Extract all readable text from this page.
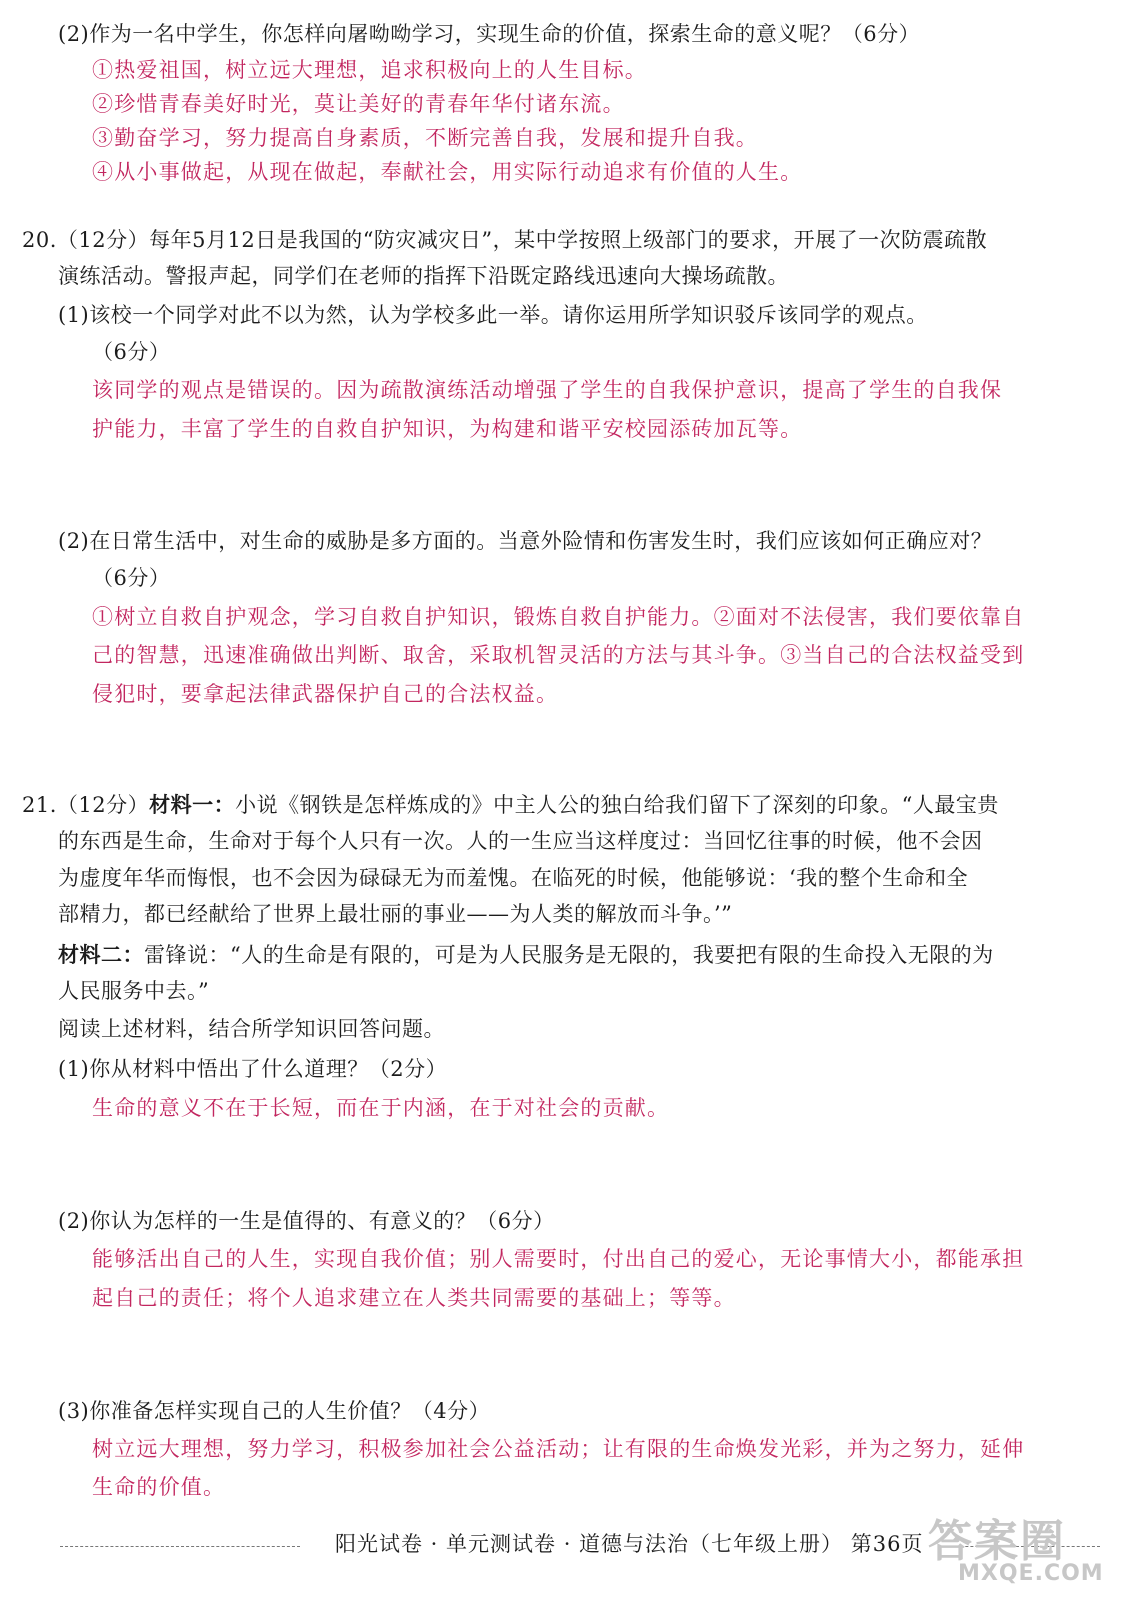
(2)作为一名中学生，你怎样向屠呦呦学习，实现生命的价值，探索生命的意义呢？（6分）
①热爱祖国，树立远大理想，追求积极向上的人生目标。
②珍惜青春美好时光，莫让美好的青春年华付诸东流。
③勤奋学习，努力提高自身素质，不断完善自我，发展和提升自我。
④从小事做起，从现在做起，奉献社会，用实际行动追求有价值的人生。
20.（12分）每年5月12日是我国的“防灾减灾日”，某中学按照上级部门的要求，开展了一次防震疏散
演练活动。警报声起，同学们在老师的指挥下沿既定路线迅速向大操场疏散。
(1)该校一个同学对此不以为然，认为学校多此一举。请你运用所学知识驳斥该同学的观点。
（6分）
该同学的观点是错误的。因为疏散演练活动增强了学生的自我保护意识，提高了学生的自我保
护能力，丰富了学生的自救自护知识，为构建和谐平安校园添砖加瓦等。
(2)在日常生活中，对生命的威胁是多方面的。当意外险情和伤害发生时，我们应该如何正确应对？
（6分）
①树立自救自护观念，学习自救自护知识，锻炼自救自护能力。②面对不法侵害，我们要依靠自
己的智慧，迅速准确做出判断、取舍，采取机智灵活的方法与其斗争。③当自己的合法权益受到
侵犯时，要拿起法律武器保护自己的合法权益。
21.（12分）材料一：小说《钢铁是怎样炼成的》中主人公的独白给我们留下了深刻的印象。“人最宝贵
的东西是生命，生命对于每个人只有一次。人的一生应当这样度过：当回忆往事的时候，他不会因
为虚度年华而悔恨，也不会因为碌碌无为而羞愧。在临死的时候，他能够说：‘我的整个生命和全
部精力，都已经献给了世界上最壮丽的事业——为人类的解放而斗争。’”
材料二：雷锋说：“人的生命是有限的，可是为人民服务是无限的，我要把有限的生命投入无限的为
人民服务中去。”
阅读上述材料，结合所学知识回答问题。
(1)你从材料中悟出了什么道理？（2分）
生命的意义不在于长短，而在于内涵，在于对社会的贡献。
(2)你认为怎样的一生是值得的、有意义的？（6分）
能够活出自己的人生，实现自我价值；别人需要时，付出自己的爱心，无论事情大小，都能承担
起自己的责任；将个人追求建立在人类共同需要的基础上；等等。
(3)你准备怎样实现自己的人生价值？（4分）
树立远大理想，努力学习，积极参加社会公益活动；让有限的生命焕发光彩，并为之努力，延伸
生命的价值。
阳光试卷 · 单元测试卷 · 道德与法治（七年级上册） 第36页 答案圈
MXQE.COM
